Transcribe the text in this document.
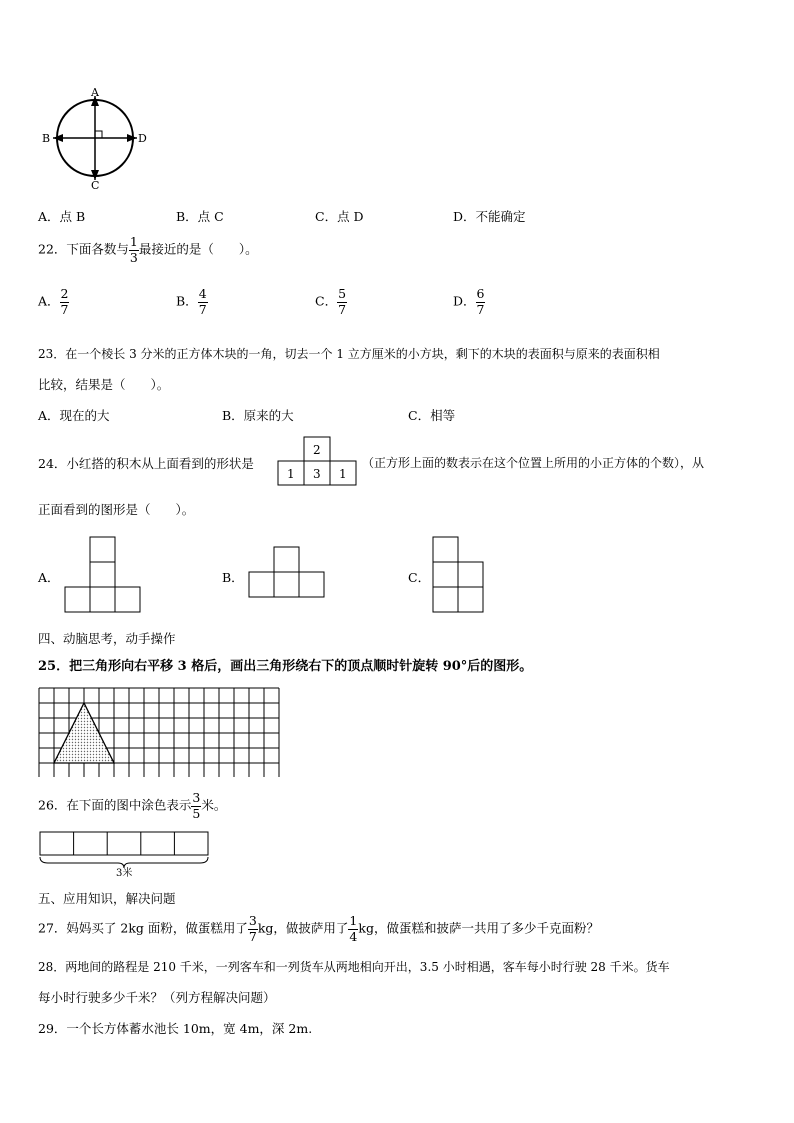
A
B	D
C
A．点 B	B．点 C	C．点 D	D．不能确定
22．下面各数与 $\frac{1}{3}$ 最接近的是（　　）。
A． $\frac{2}{7}$	B． $\frac{4}{7}$	C． $\frac{5}{7}$	D． $\frac{6}{7}$
23．在一个棱长 3 分米的正方体木块的一角，切去一个 1 立方厘米的小方块，剩下的木块的表面积与原来的表面积相
比较，结果是（　　）。
A．现在的大	B．原来的大	C．相等
24．小红搭的积木从上面看到的形状是
2
1 3 1
（正方形上面的数表示在这个位置上所用的小正方体的个数），从
正面看到的图形是（　　）。
A．	B．	C．
四、动脑思考，动手操作
25．把三角形向右平移 3 格后，画出三角形绕右下的顶点顺时针旋转 90°后的图形。
26．在下面的图中涂色表示 $\frac{3}{5}$ 米。
3米
五、应用知识，解决问题
27．妈妈买了 2kg 面粉，做蛋糕用了 $\frac{3}{7}$ kg，做披萨用了 $\frac{1}{4}$ kg，做蛋糕和披萨一共用了多少千克面粉？
28．两地间的路程是 210 千米，一列客车和一列货车从两地相向开出，3.5 小时相遇，客车每小时行驶 28 千米。货车
每小时行驶多少千米？（列方程解决问题）
29．一个长方体蓄水池长 10m，宽 4m，深 2m.
